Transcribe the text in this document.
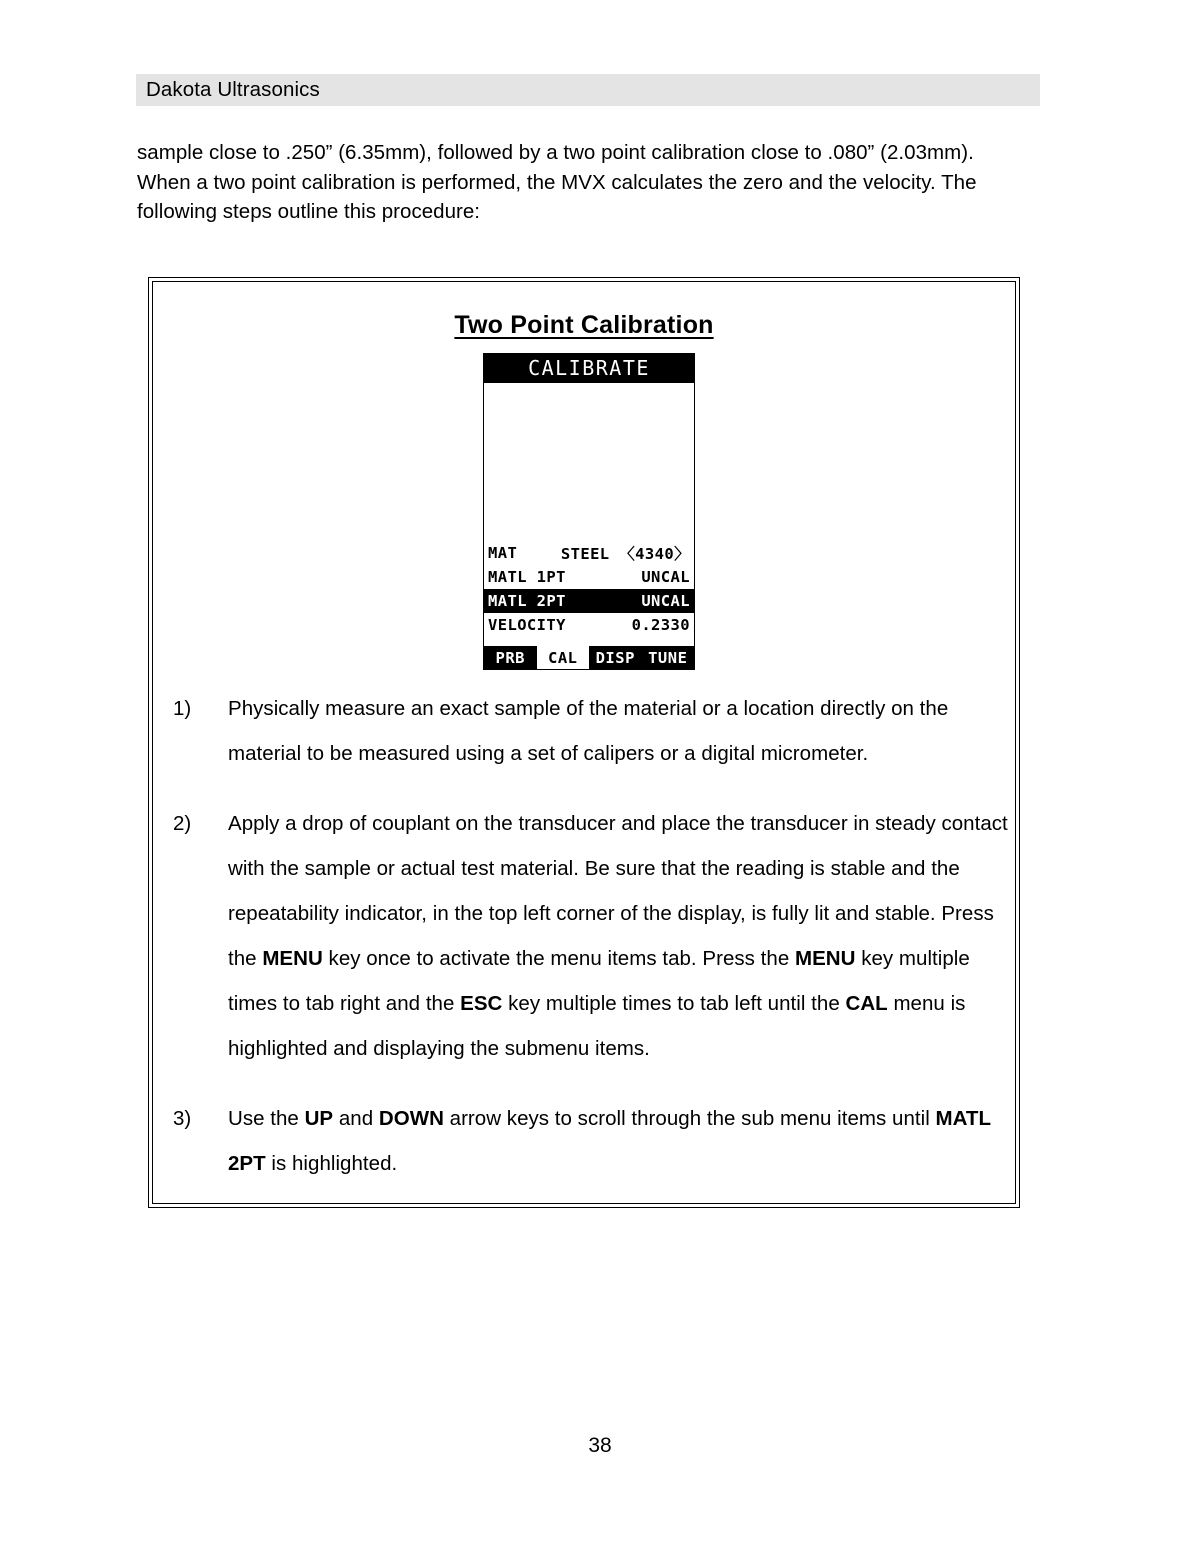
Dakota Ultrasonics
sample close to .250” (6.35mm), followed by a two point calibration close to .080” (2.03mm). When a two point calibration is performed, the MVX calculates the zero and the velocity. The following steps outline this procedure:
Two Point Calibration
CALIBRATE
MAT	STEEL 〈4340〉
MATL 1PT	UNCAL
MATL 2PT	UNCAL
VELOCITY	0.2330
PRB	CAL	DISP TUNE
1)	Physically measure an exact sample of the material or a location directly on the material to be measured using a set of calipers or a digital micrometer.
2)	Apply a drop of couplant on the transducer and place the transducer in steady contact with the sample or actual test material. Be sure that the reading is stable and the repeatability indicator, in the top left corner of the display, is fully lit and stable. Press the MENU key once to activate the menu items tab. Press the MENU key multiple times to tab right and the ESC key multiple times to tab left until the CAL menu is highlighted and displaying the submenu items.
3)	Use the UP and DOWN arrow keys to scroll through the sub menu items until MATL 2PT is highlighted.
38
